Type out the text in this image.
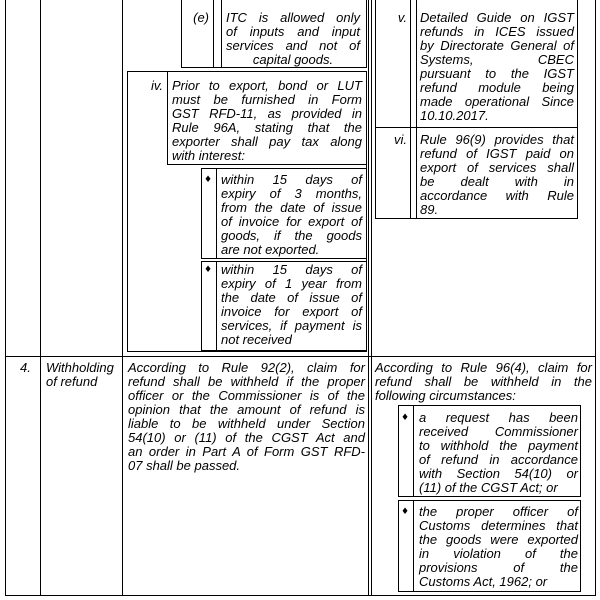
(e) ITC is allowed only
of inputs and input
services and not of
capital goods.
iv. Prior to export, bond or LUT
must be furnished in Form
GST RFD-11, as provided in
Rule 96A, stating that the
exporter shall pay tax along
with interest:
♦ within 15 days of
expiry of 3 months,
from the date of issue
of invoice for export of
goods, if the goods
are not exported.
♦ within 15 days of
expiry of 1 year from
the date of issue of
invoice for export of
services, if payment is
not received
v. Detailed Guide on IGST
refunds in ICES issued
by Directorate General of
Systems, CBEC
pursuant to the IGST
refund module being
made operational Since
10.10.2017.
vi. Rule 96(9) provides that
refund of IGST paid on
export of services shall
be dealt with in
accordance with Rule
89.
4.	Withholding
of refund
According to Rule 92(2), claim for
refund shall be withheld if the proper
officer or the Commissioner is of the
opinion that the amount of refund is
liable to be withheld under Section
54(10) or (11) of the CGST Act and
an order in Part A of Form GST RFD-
07 shall be passed.
According to Rule 96(4), claim for
refund shall be withheld in the
following circumstances:
♦ a request has been
received Commissioner
to withhold the payment
of refund in accordance
with Section 54(10) or
(11) of the CGST Act; or
♦ the proper officer of
Customs determines that
the goods were exported
in violation of the
provisions of the
Customs Act, 1962; or
